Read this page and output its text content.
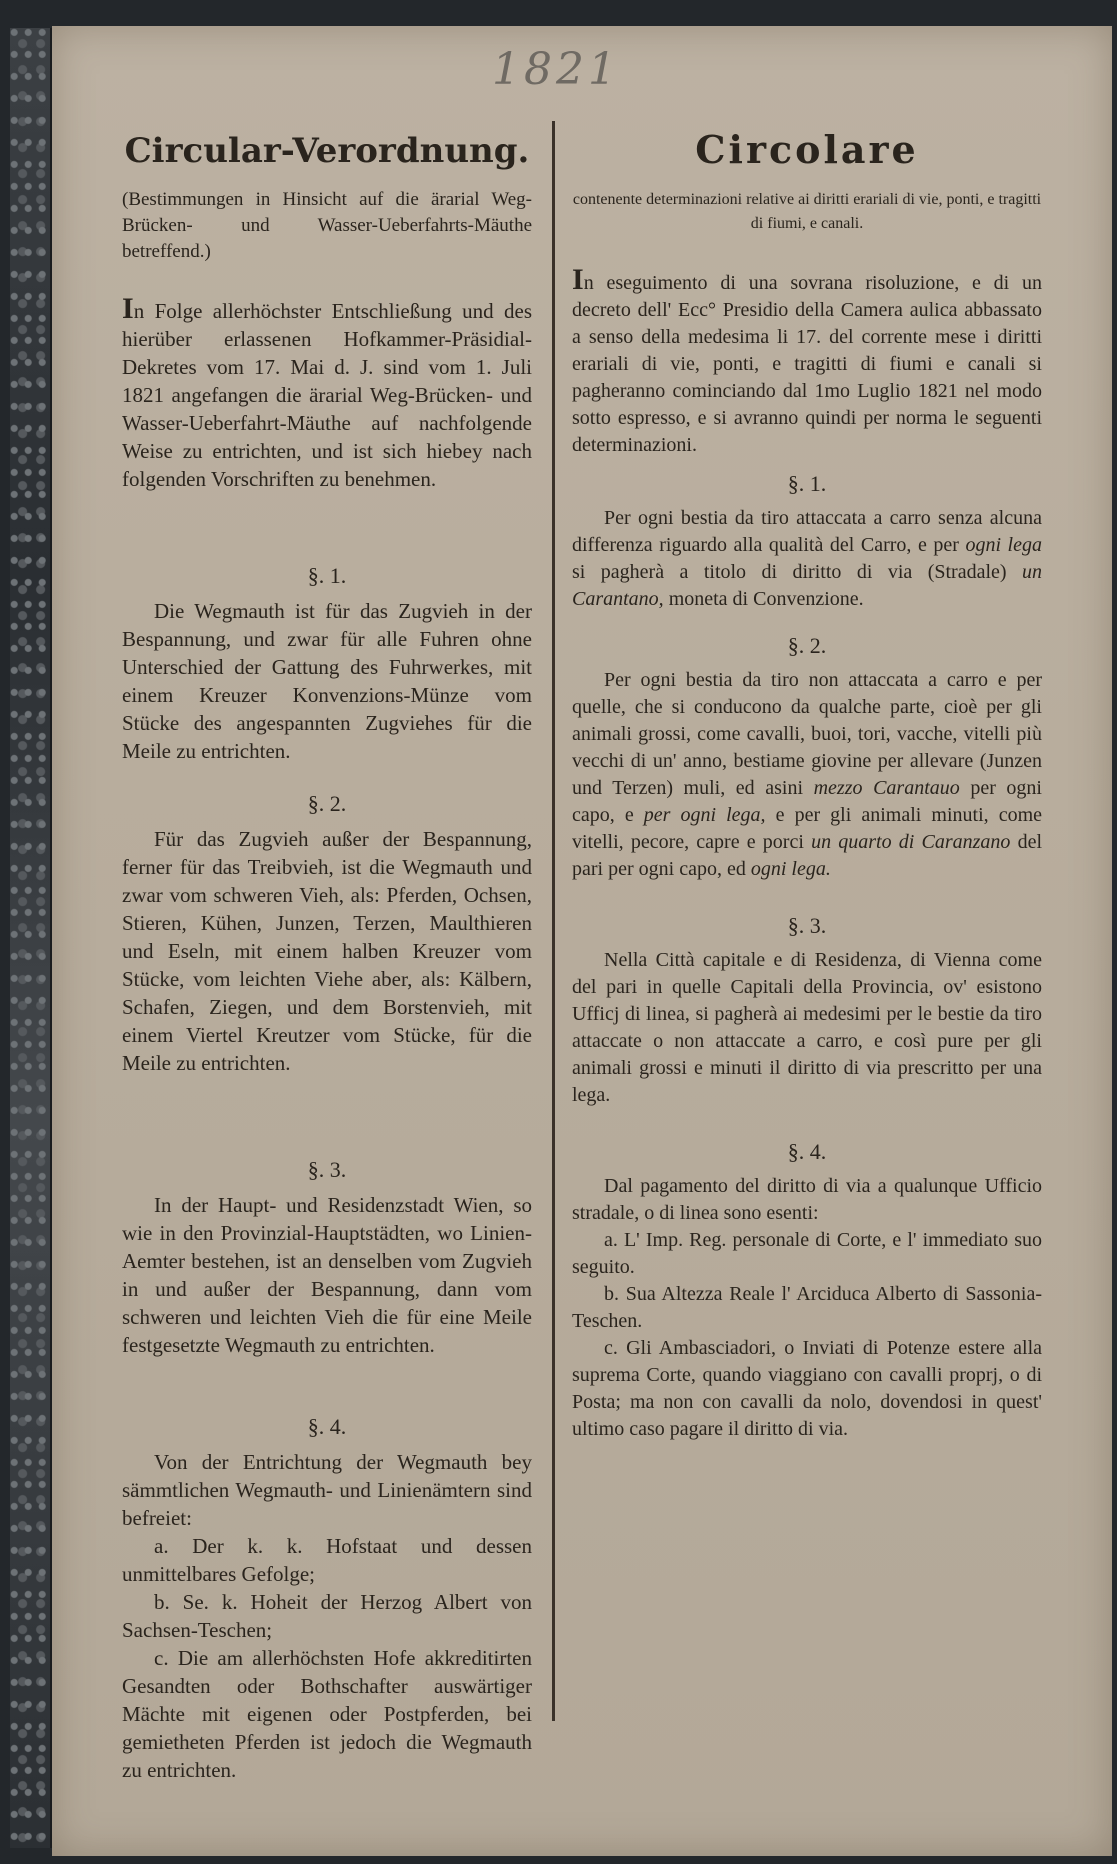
1821
Circular-Verordnung.

(Bestimmungen in Hinsicht auf die ärarial Weg-Brücken- und Wasser-Ueberfahrts-Mäuthe betreffend.)

In Folge allerhöchster Entschließung und des hierüber erlassenen Hofkammer-Präsidial-Dekretes vom 17. Mai d. J. sind vom 1. Juli 1821 angefangen die ärarial Weg-Brücken- und Wasser-Ueberfahrt-Mäuthe auf nachfolgende Weise zu entrichten, und ist sich hiebey nach folgenden Vorschriften zu benehmen.

§. 1.

Die Wegmauth ist für das Zugvieh in der Bespannung, und zwar für alle Fuhren ohne Unterschied der Gattung des Fuhrwerkes, mit einem Kreuzer Konvenzions-Münze vom Stücke des angespannten Zugviehes für die Meile zu entrichten.

§. 2.

Für das Zugvieh außer der Bespannung, ferner für das Treibvieh, ist die Wegmauth und zwar vom schweren Vieh, als: Pferden, Ochsen, Stieren, Kühen, Junzen, Terzen, Maulthieren und Eseln, mit einem halben Kreuzer vom Stücke, vom leichten Viehe aber, als: Kälbern, Schafen, Ziegen, und dem Borstenvieh, mit einem Viertel Kreutzer vom Stücke, für die Meile zu entrichten.

§. 3.

In der Haupt- und Residenzstadt Wien, so wie in den Provinzial-Hauptstädten, wo Linien-Aemter bestehen, ist an denselben vom Zugvieh in und außer der Bespannung, dann vom schweren und leichten Vieh die für eine Meile festgesetzte Wegmauth zu entrichten.

§. 4.

Von der Entrichtung der Wegmauth bey sämmtlichen Wegmauth- und Linienämtern sind befreiet:

a. Der k. k. Hofstaat und dessen unmittelbares Gefolge;

b. Se. k. Hoheit der Herzog Albert von Sachsen-Teschen;

c. Die am allerhöchsten Hofe akkreditirten Gesandten oder Bothschafter auswärtiger Mächte mit eigenen oder Postpferden, bei gemietheten Pferden ist jedoch die Wegmauth zu entrichten.

Circolare

contenente determinazioni relative ai diritti erariali di vie, ponti, e tragitti di fiumi, e canali.

In eseguimento di una sovrana risoluzione, e di un decreto dell' Ecc° Presidio della Camera aulica abbassato a senso della medesima li 17. del corrente mese i diritti erariali di vie, ponti, e tragitti di fiumi e canali si pagheranno cominciando dal 1mo Luglio 1821 nel modo sotto espresso, e si avranno quindi per norma le seguenti determinazioni.

§. 1.

Per ogni bestia da tiro attaccata a carro senza alcuna differenza riguardo alla qualità del Carro, e per ogni lega si pagherà a titolo di diritto di via (Stradale) un Carantano, moneta di Convenzione.

§. 2.

Per ogni bestia da tiro non attaccata a carro e per quelle, che si conducono da qualche parte, cioè per gli animali grossi, come cavalli, buoi, tori, vacche, vitelli più vecchi di un' anno, bestiame giovine per allevare (Junzen und Terzen) muli, ed asini mezzo Carantauo per ogni capo, e per ogni lega, e per gli animali minuti, come vitelli, pecore, capre e porci un quarto di Caranzano del pari per ogni capo, ed ogni lega.

§. 3.

Nella Città capitale e di Residenza, di Vienna come del pari in quelle Capitali della Provincia, ov' esistono Ufficj di linea, si pagherà ai medesimi per le bestie da tiro attaccate o non attaccate a carro, e così pure per gli animali grossi e minuti il diritto di via prescritto per una lega.

§. 4.

Dal pagamento del diritto di via a qualunque Ufficio stradale, o di linea sono esenti:

a. L' Imp. Reg. personale di Corte, e l' immediato suo seguito.

b. Sua Altezza Reale l' Arciduca Alberto di Sassonia-Teschen.

c. Gli Ambasciadori, o Inviati di Potenze estere alla suprema Corte, quando viaggiano con cavalli proprj, o di Posta; ma non con cavalli da nolo, dovendosi in quest' ultimo caso pagare il diritto di via.
